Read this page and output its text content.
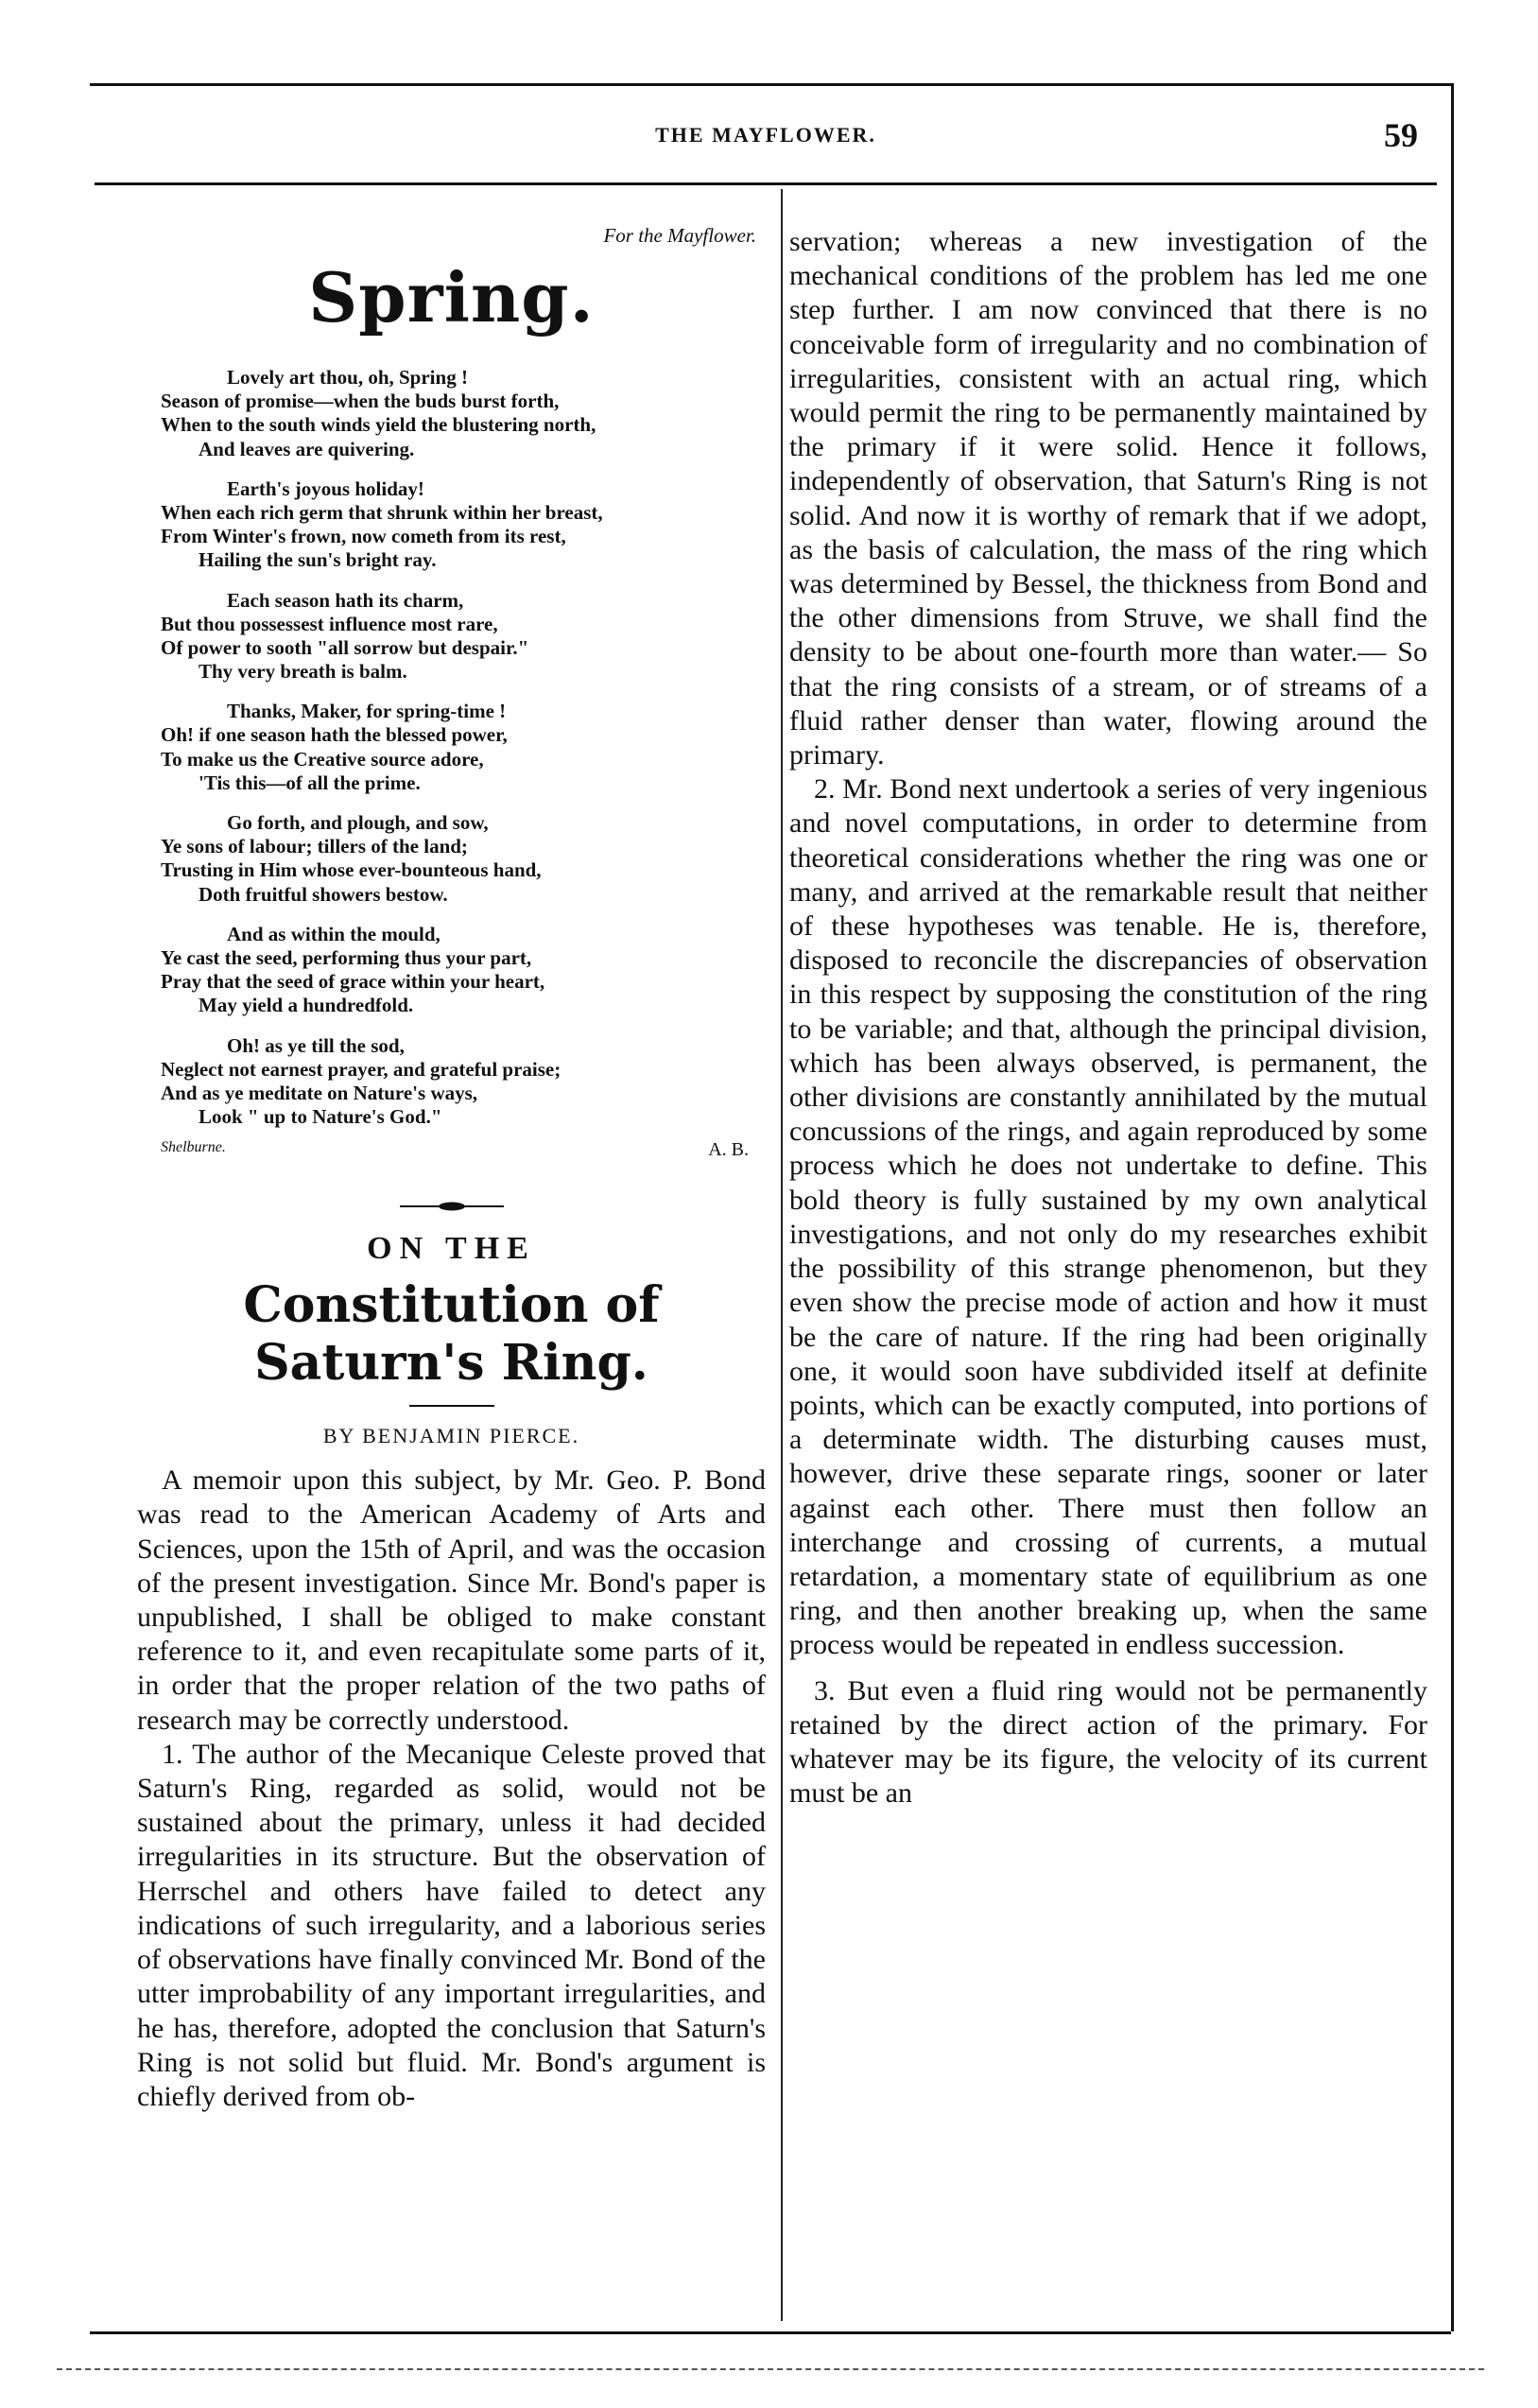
THE MAYFLOWER.	59
For the Mayflower.
Spring.
Lovely art thou, oh, Spring !
Season of promise—when the buds burst forth,
When to the south winds yield the blustering north,
And leaves are quivering.
Earth's joyous holiday!
When each rich germ that shrunk within her breast,
From Winter's frown, now cometh from its rest,
Hailing the sun's bright ray.
Each season hath its charm,
But thou possessest influence most rare,
Of power to sooth "all sorrow but despair."
Thy very breath is balm.
Thanks, Maker, for spring-time !
Oh! if one season hath the blessed power,
To make us the Creative source adore,
'Tis this—of all the prime.
Go forth, and plough, and sow,
Ye sons of labour; tillers of the land;
Trusting in Him whose ever-bounteous hand,
Doth fruitful showers bestow.
And as within the mould,
Ye cast the seed, performing thus your part,
Pray that the seed of grace within your heart,
May yield a hundredfold.
Oh! as ye till the sod,
Neglect not earnest prayer, and grateful praise;
And as ye meditate on Nature's ways,
Look " up to Nature's God."
Shelburne.	A. B.
ON THE
Constitution of Saturn's Ring.
BY BENJAMIN PIERCE.

A memoir upon this subject, by Mr. Geo. P. Bond was read to the American Academy of Arts and Sciences, upon the 15th of April, and was the occasion of the present investigation. Since Mr. Bond's paper is unpublished, I shall be obliged to make constant reference to it, and even recapitulate some parts of it, in order that the proper relation of the two paths of research may be correctly understood.

1. The author of the Mecanique Celeste proved that Saturn's Ring, regarded as solid, would not be sustained about the primary, unless it had decided irregularities in its structure. But the observation of Herrschel and others have failed to detect any indications of such irregularity, and a laborious series of observations have finally convinced Mr. Bond of the utter improbability of any important irregularities, and he has, therefore, adopted the conclusion that Saturn's Ring is not solid but fluid. Mr. Bond's argument is chiefly derived from ob-

servation; whereas a new investigation of the mechanical conditions of the problem has led me one step further. I am now convinced that there is no conceivable form of irregularity and no combination of irregularities, consistent with an actual ring, which would permit the ring to be permanently maintained by the primary if it were solid. Hence it follows, independently of observation, that Saturn's Ring is not solid. And now it is worthy of remark that if we adopt, as the basis of calculation, the mass of the ring which was determined by Bessel, the thickness from Bond and the other dimensions from Struve, we shall find the density to be about one-fourth more than water.— So that the ring consists of a stream, or of streams of a fluid rather denser than water, flowing around the primary.

2. Mr. Bond next undertook a series of very ingenious and novel computations, in order to determine from theoretical considerations whether the ring was one or many, and arrived at the remarkable result that neither of these hypotheses was tenable. He is, therefore, disposed to reconcile the discrepancies of observation in this respect by supposing the constitution of the ring to be variable; and that, although the principal division, which has been always observed, is permanent, the other divisions are constantly annihilated by the mutual concussions of the rings, and again reproduced by some process which he does not undertake to define. This bold theory is fully sustained by my own analytical investigations, and not only do my researches exhibit the possibility of this strange phenomenon, but they even show the precise mode of action and how it must be the care of nature. If the ring had been originally one, it would soon have subdivided itself at definite points, which can be exactly computed, into portions of a determinate width. The disturbing causes must, however, drive these separate rings, sooner or later against each other. There must then follow an interchange and crossing of currents, a mutual retardation, a momentary state of equilibrium as one ring, and then another breaking up, when the same process would be repeated in endless succession.

3. But even a fluid ring would not be permanently retained by the direct action of the primary. For whatever may be its figure, the velocity of its current must be an
